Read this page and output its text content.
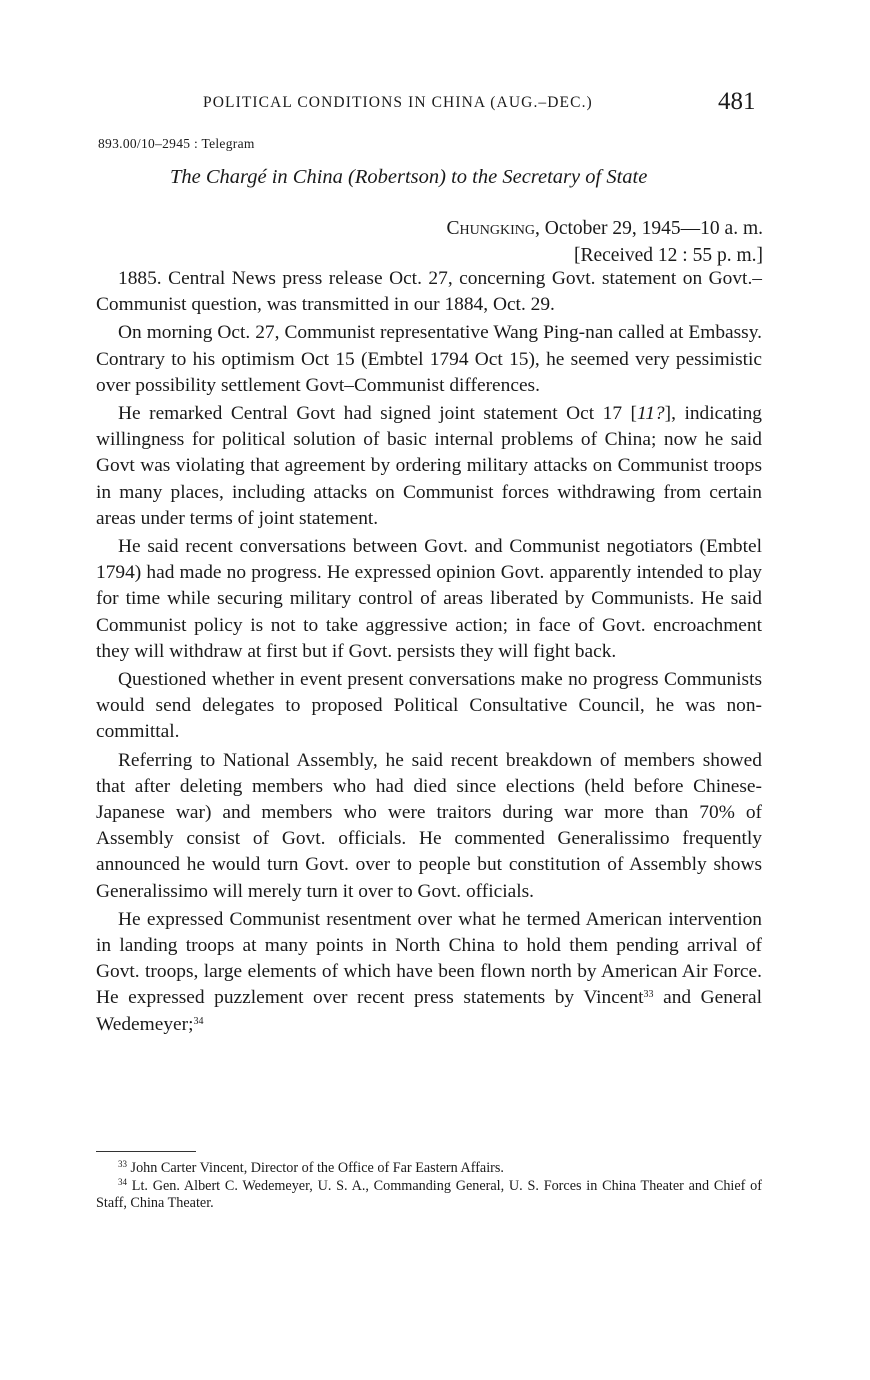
POLITICAL CONDITIONS IN CHINA (AUG.–DEC.)	481
893.00/10–2945 : Telegram
The Chargé in China (Robertson) to the Secretary of State
Chungking, October 29, 1945—10 a. m.
[Received 12 : 55 p. m.]

1885. Central News press release Oct. 27, concerning Govt. statement on Govt.–Communist question, was transmitted in our 1884, Oct. 29.

On morning Oct. 27, Communist representative Wang Ping-nan called at Embassy. Contrary to his optimism Oct 15 (Embtel 1794 Oct 15), he seemed very pessimistic over possibility settlement Govt–Communist differences.

He remarked Central Govt had signed joint statement Oct 17 [11?], indicating willingness for political solution of basic internal problems of China; now he said Govt was violating that agreement by ordering military attacks on Communist troops in many places, including attacks on Communist forces withdrawing from certain areas under terms of joint statement.

He said recent conversations between Govt. and Communist negotiators (Embtel 1794) had made no progress. He expressed opinion Govt. apparently intended to play for time while securing military control of areas liberated by Communists. He said Communist policy is not to take aggressive action; in face of Govt. encroachment they will withdraw at first but if Govt. persists they will fight back.

Questioned whether in event present conversations make no progress Communists would send delegates to proposed Political Consultative Council, he was non-committal.

Referring to National Assembly, he said recent breakdown of members showed that after deleting members who had died since elections (held before Chinese-Japanese war) and members who were traitors during war more than 70% of Assembly consist of Govt. officials. He commented Generalissimo frequently announced he would turn Govt. over to people but constitution of Assembly shows Generalissimo will merely turn it over to Govt. officials.

He expressed Communist resentment over what he termed American intervention in landing troops at many points in North China to hold them pending arrival of Govt. troops, large elements of which have been flown north by American Air Force. He expressed puzzlement over recent press statements by Vincent$^{33}$ and General Wedemeyer;$^{34}$

$^{33}$ John Carter Vincent, Director of the Office of Far Eastern Affairs.

$^{34}$ Lt. Gen. Albert C. Wedemeyer, U. S. A., Commanding General, U. S. Forces in China Theater and Chief of Staff, China Theater.
